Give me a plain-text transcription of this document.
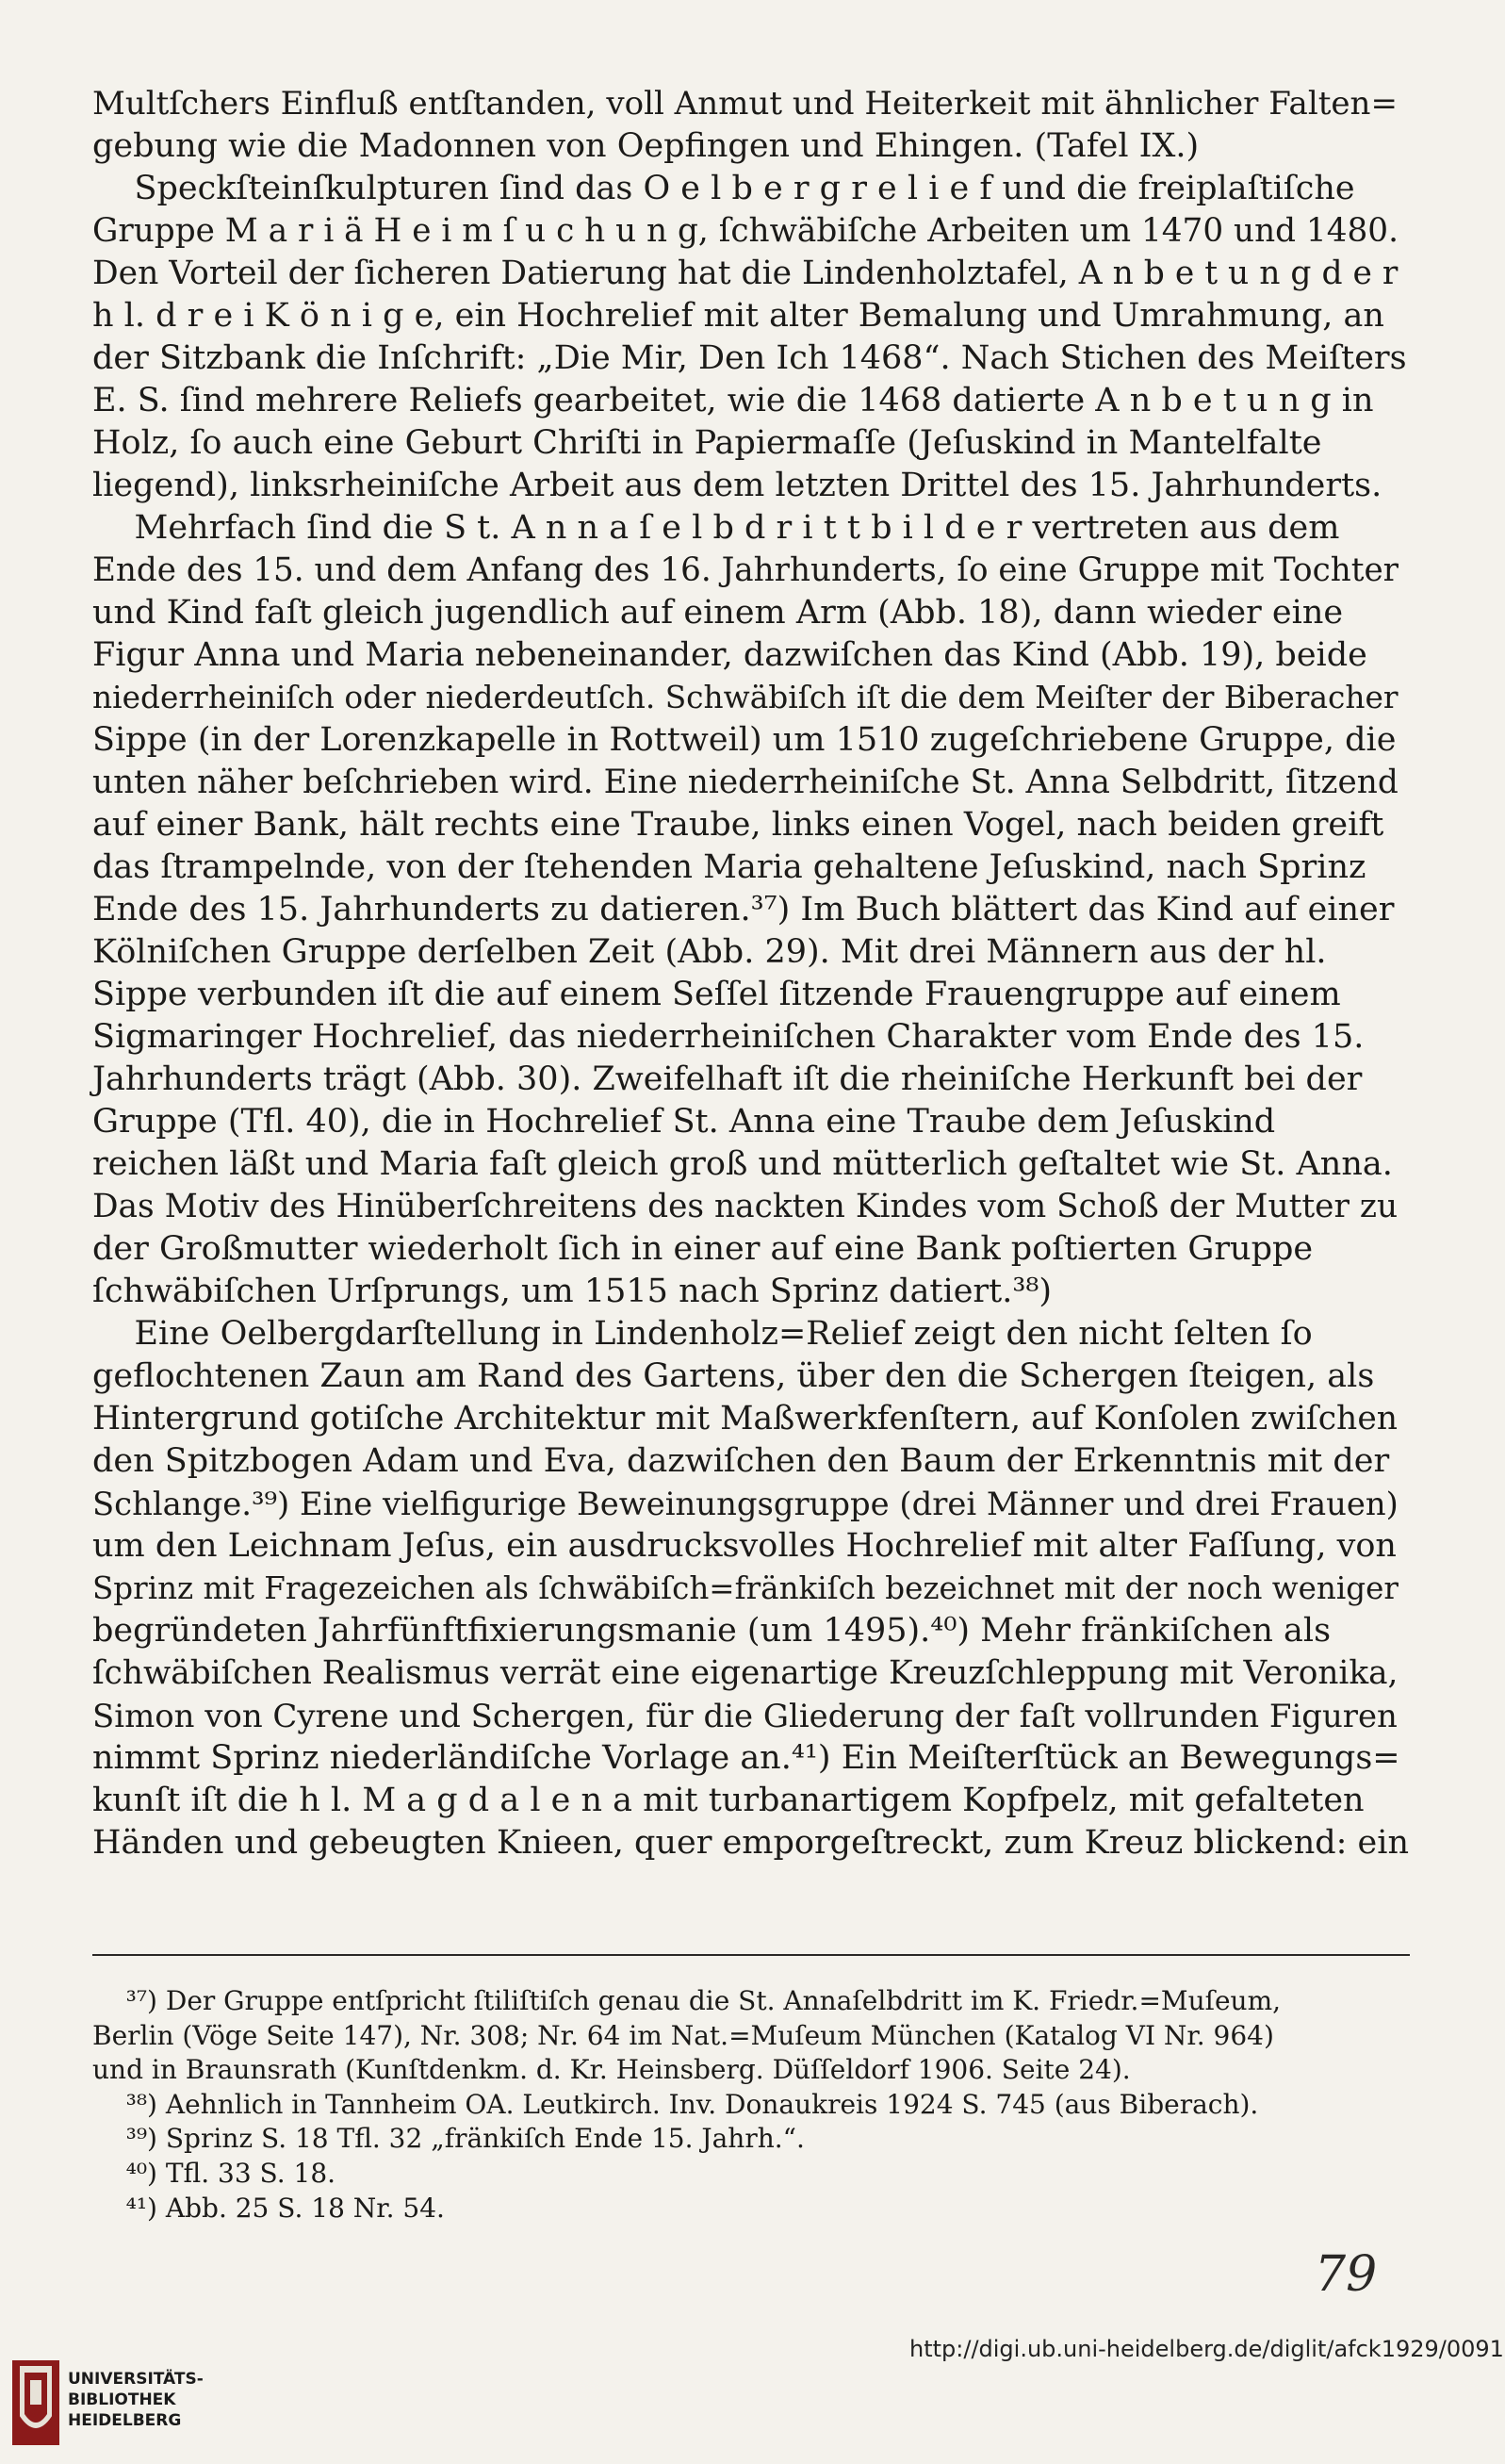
Multſchers Einfluß entſtanden, voll Anmut und Heiterkeit mit ähnlicher Falten=
gebung wie die Madonnen von Oepfingen und Ehingen. (Tafel IX.)
Speckſteinſkulpturen ſind das O e l b e r g r e l i e f und die freiplaſtiſche
Gruppe M a r i ä H e i m ſ u c h u n g, ſchwäbiſche Arbeiten um 1470 und 1480.
Den Vorteil der ſicheren Datierung hat die Lindenholztafel, A n b e t u n g d e r
h l. d r e i K ö n i g e, ein Hochrelief mit alter Bemalung und Umrahmung, an
der Sitzbank die Inſchrift: „Die Mir, Den Ich 1468“. Nach Stichen des Meiſters
E. S. ſind mehrere Reliefs gearbeitet, wie die 1468 datierte A n b e t u n g in
Holz, ſo auch eine Geburt Chriſti in Papiermaſſe (Jeſuskind in Mantelfalte
liegend), linksrheiniſche Arbeit aus dem letzten Drittel des 15. Jahrhunderts.
Mehrfach ſind die S t. A n n a ſ e l b d r i t t b i l d e r vertreten aus dem
Ende des 15. und dem Anfang des 16. Jahrhunderts, ſo eine Gruppe mit Tochter
und Kind faſt gleich jugendlich auf einem Arm (Abb. 18), dann wieder eine
Figur Anna und Maria nebeneinander, dazwiſchen das Kind (Abb. 19), beide
niederrheiniſch oder niederdeutſch. Schwäbiſch iſt die dem Meiſter der Biberacher
Sippe (in der Lorenzkapelle in Rottweil) um 1510 zugeſchriebene Gruppe, die
unten näher beſchrieben wird. Eine niederrheiniſche St. Anna Selbdritt, ſitzend
auf einer Bank, hält rechts eine Traube, links einen Vogel, nach beiden greift
das ſtrampelnde, von der ſtehenden Maria gehaltene Jeſuskind, nach Sprinz
Ende des 15. Jahrhunderts zu datieren.³⁷) Im Buch blättert das Kind auf einer
Kölniſchen Gruppe derſelben Zeit (Abb. 29). Mit drei Männern aus der hl.
Sippe verbunden iſt die auf einem Seſſel ſitzende Frauengruppe auf einem
Sigmaringer Hochrelief, das niederrheiniſchen Charakter vom Ende des 15.
Jahrhunderts trägt (Abb. 30). Zweifelhaft iſt die rheiniſche Herkunft bei der
Gruppe (Tfl. 40), die in Hochrelief St. Anna eine Traube dem Jeſuskind
reichen läßt und Maria faſt gleich groß und mütterlich geſtaltet wie St. Anna.
Das Motiv des Hinüberſchreitens des nackten Kindes vom Schoß der Mutter zu
der Großmutter wiederholt ſich in einer auf eine Bank poſtierten Gruppe
ſchwäbiſchen Urſprungs, um 1515 nach Sprinz datiert.³⁸)
Eine Oelbergdarſtellung in Lindenholz=Relief zeigt den nicht ſelten ſo
geflochtenen Zaun am Rand des Gartens, über den die Schergen ſteigen, als
Hintergrund gotiſche Architektur mit Maßwerkfenſtern, auf Konſolen zwiſchen
den Spitzbogen Adam und Eva, dazwiſchen den Baum der Erkenntnis mit der
Schlange.³⁹) Eine vielfigurige Beweinungsgruppe (drei Männer und drei Frauen)
um den Leichnam Jeſus, ein ausdrucksvolles Hochrelief mit alter Faſſung, von
Sprinz mit Fragezeichen als ſchwäbiſch=fränkiſch bezeichnet mit der noch weniger
begründeten Jahrfünftfixierungsmanie (um 1495).⁴⁰) Mehr fränkiſchen als
ſchwäbiſchen Realismus verrät eine eigenartige Kreuzſchleppung mit Veronika,
Simon von Cyrene und Schergen, für die Gliederung der faſt vollrunden Figuren
nimmt Sprinz niederländiſche Vorlage an.⁴¹) Ein Meiſterſtück an Bewegungs=
kunſt iſt die h l. M a g d a l e n a mit turbanartigem Kopfpelz, mit gefalteten
Händen und gebeugten Knieen, quer emporgeſtreckt, zum Kreuz blickend: ein
³⁷) Der Gruppe entſpricht ſtiliſtiſch genau die St. Annaſelbdritt im K. Friedr.=Muſeum,
Berlin (Vöge Seite 147), Nr. 308; Nr. 64 im Nat.=Muſeum München (Katalog VI Nr. 964)
und in Braunsrath (Kunſtdenkm. d. Kr. Heinsberg. Düſſeldorf 1906. Seite 24).
³⁸) Aehnlich in Tannheim OA. Leutkirch. Inv. Donaukreis 1924 S. 745 (aus Biberach).
³⁹) Sprinz S. 18 Tfl. 32 „fränkiſch Ende 15. Jahrh.“.
⁴⁰) Tfl. 33 S. 18.
⁴¹) Abb. 25 S. 18 Nr. 54.
79
http://digi.ub.uni-heidelberg.de/diglit/afck1929/0091
UNIVERSITÄTS-
BIBLIOTHEK
HEIDELBERG
